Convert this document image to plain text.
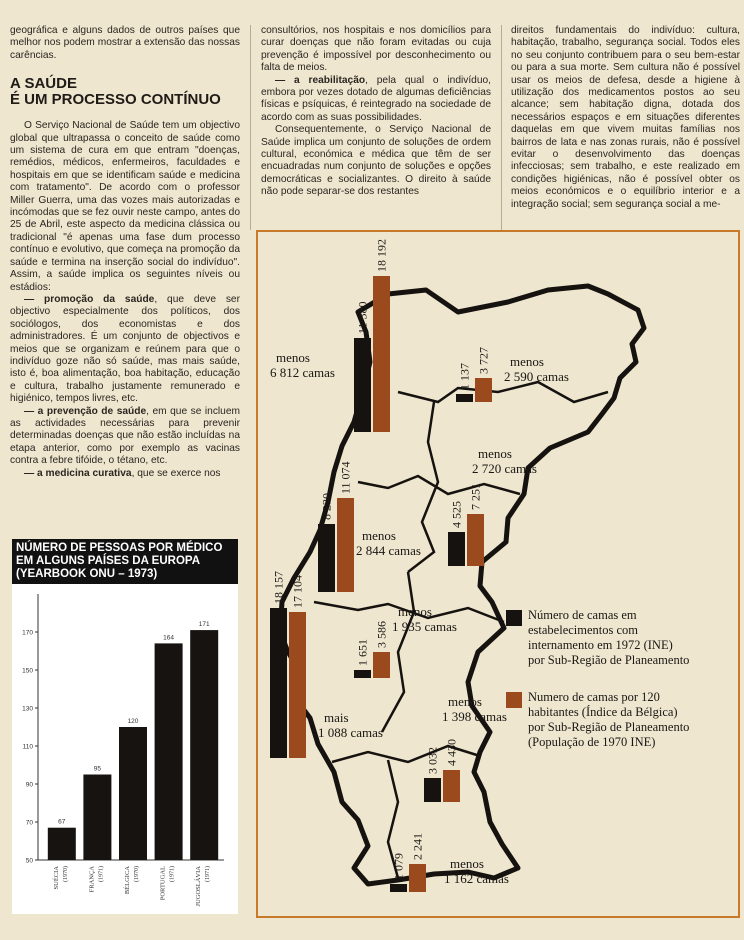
geográfica e alguns dados de outros países que melhor nos podem mostrar a extensão das nossas carências.

A SAÚDE
É UM PROCESSO CONTÍNUO

O Serviço Nacional de Saúde tem um objectivo global que ultrapassa o conceito de saúde como um sistema de cura em que entram "doenças, remédios, médicos, enfermeiros, faculdades e hospitais em que se identificam saúde e medicina com tratamento". De acordo com o professor Miller Guerra, uma das vozes mais autorizadas e incómodas que se fez ouvir neste campo, antes do 25 de Abril, este aspecto da medicina clássica ou tradicional "é apenas uma fase dum processo contínuo e evolutivo, que começa na promoção da saúde e termina na inserção social do indivíduo". Assim, a saúde implica os seguintes níveis ou estádios:

— promoção da saúde, que deve ser objectivo especialmente dos políticos, dos sociólogos, dos economistas e dos administradores. É um conjunto de objectivos e meios que se organizam e reúnem para que o indivíduo goze não só saúde, mas mais saúde, isto é, boa alimentação, boa habitação, educação e cultura, trabalho justamente remunerado e higiénico, tempos livres, etc.

— a prevenção de saúde, em que se incluem as actividades necessárias para prevenir determinadas doenças que não estão incluídas na etapa anterior, como por exemplo as vacinas contra a febre tifóide, o tétano, etc.

— a medicina curativa, que se exerce nos

consultórios, nos hospitais e nos domicílios para curar doenças que não foram evitadas ou cuja prevenção é impossível por desconhecimento ou falta de meios.

— a reabilitação, pela qual o indivíduo, embora por vezes dotado de algumas deficiências físicas e psíquicas, é reintegrado na sociedade de acordo com as suas possibilidades.

Consequentemente, o Serviço Nacional de Saúde implica um conjunto de soluções de ordem cultural, económica e médica que têm de ser encuadradas num conjunto de soluções e opções democráticas e socializantes. O direito à saúde não pode separar-se dos restantes

direitos fundamentais do indivíduo: cultura, habitação, trabalho, segurança social. Todos eles no seu conjunto contribuem para o seu bem-estar ou para a sua morte. Sem cultura não é possível usar os meios de defesa, desde a higiene à utilização dos medicamentos postos ao seu alcance; sem habitação digna, dotada dos necessários espaços e em situações diferentes daquelas em que vivem muitas famílias nos bairros de lata e nas zonas rurais, não é possível evitar o desenvolvimento das doenças infecciosas; sem trabalho, e este realizado em condições higiénicas, não é possível obter os meios económicos e o equilíbrio interior e a integração social; sem segurança social a me-

NÚMERO DE PESSOAS POR MÉDICO
EM ALGUNS PAÍSES DA EUROPA
(YEARBOOK ONU – 1973)
50
70
90
110
130
150
170
67
SUÉCIA (1970)
95
FRANÇA (1971)
120
BÉLGICA (1970)
164
PORTUGAL (1971)
171
JUGOSLÁVIA (1971)
11 380
18 192
menos
6 812 camas	1 137
3 727 menos
2 590 camas
menos
2 720 camas
8 230
11 074
menos
2 844 camas
4 525
7 251
18 157 17 104
mais
1 088 camas
1 651
3 586
menos
1 935 camas
menos
1 398 camas
3 032 4 430
1 079
2 241
menos
1 162 camas
Número de camas em
estabelecimentos com
internamento em 1972 (INE)
por Sub-Região de Planeamento
Numero de camas por 120
habitantes (Índice da Bélgica)
por Sub-Região de Planeamento
(População de 1970 INE)
